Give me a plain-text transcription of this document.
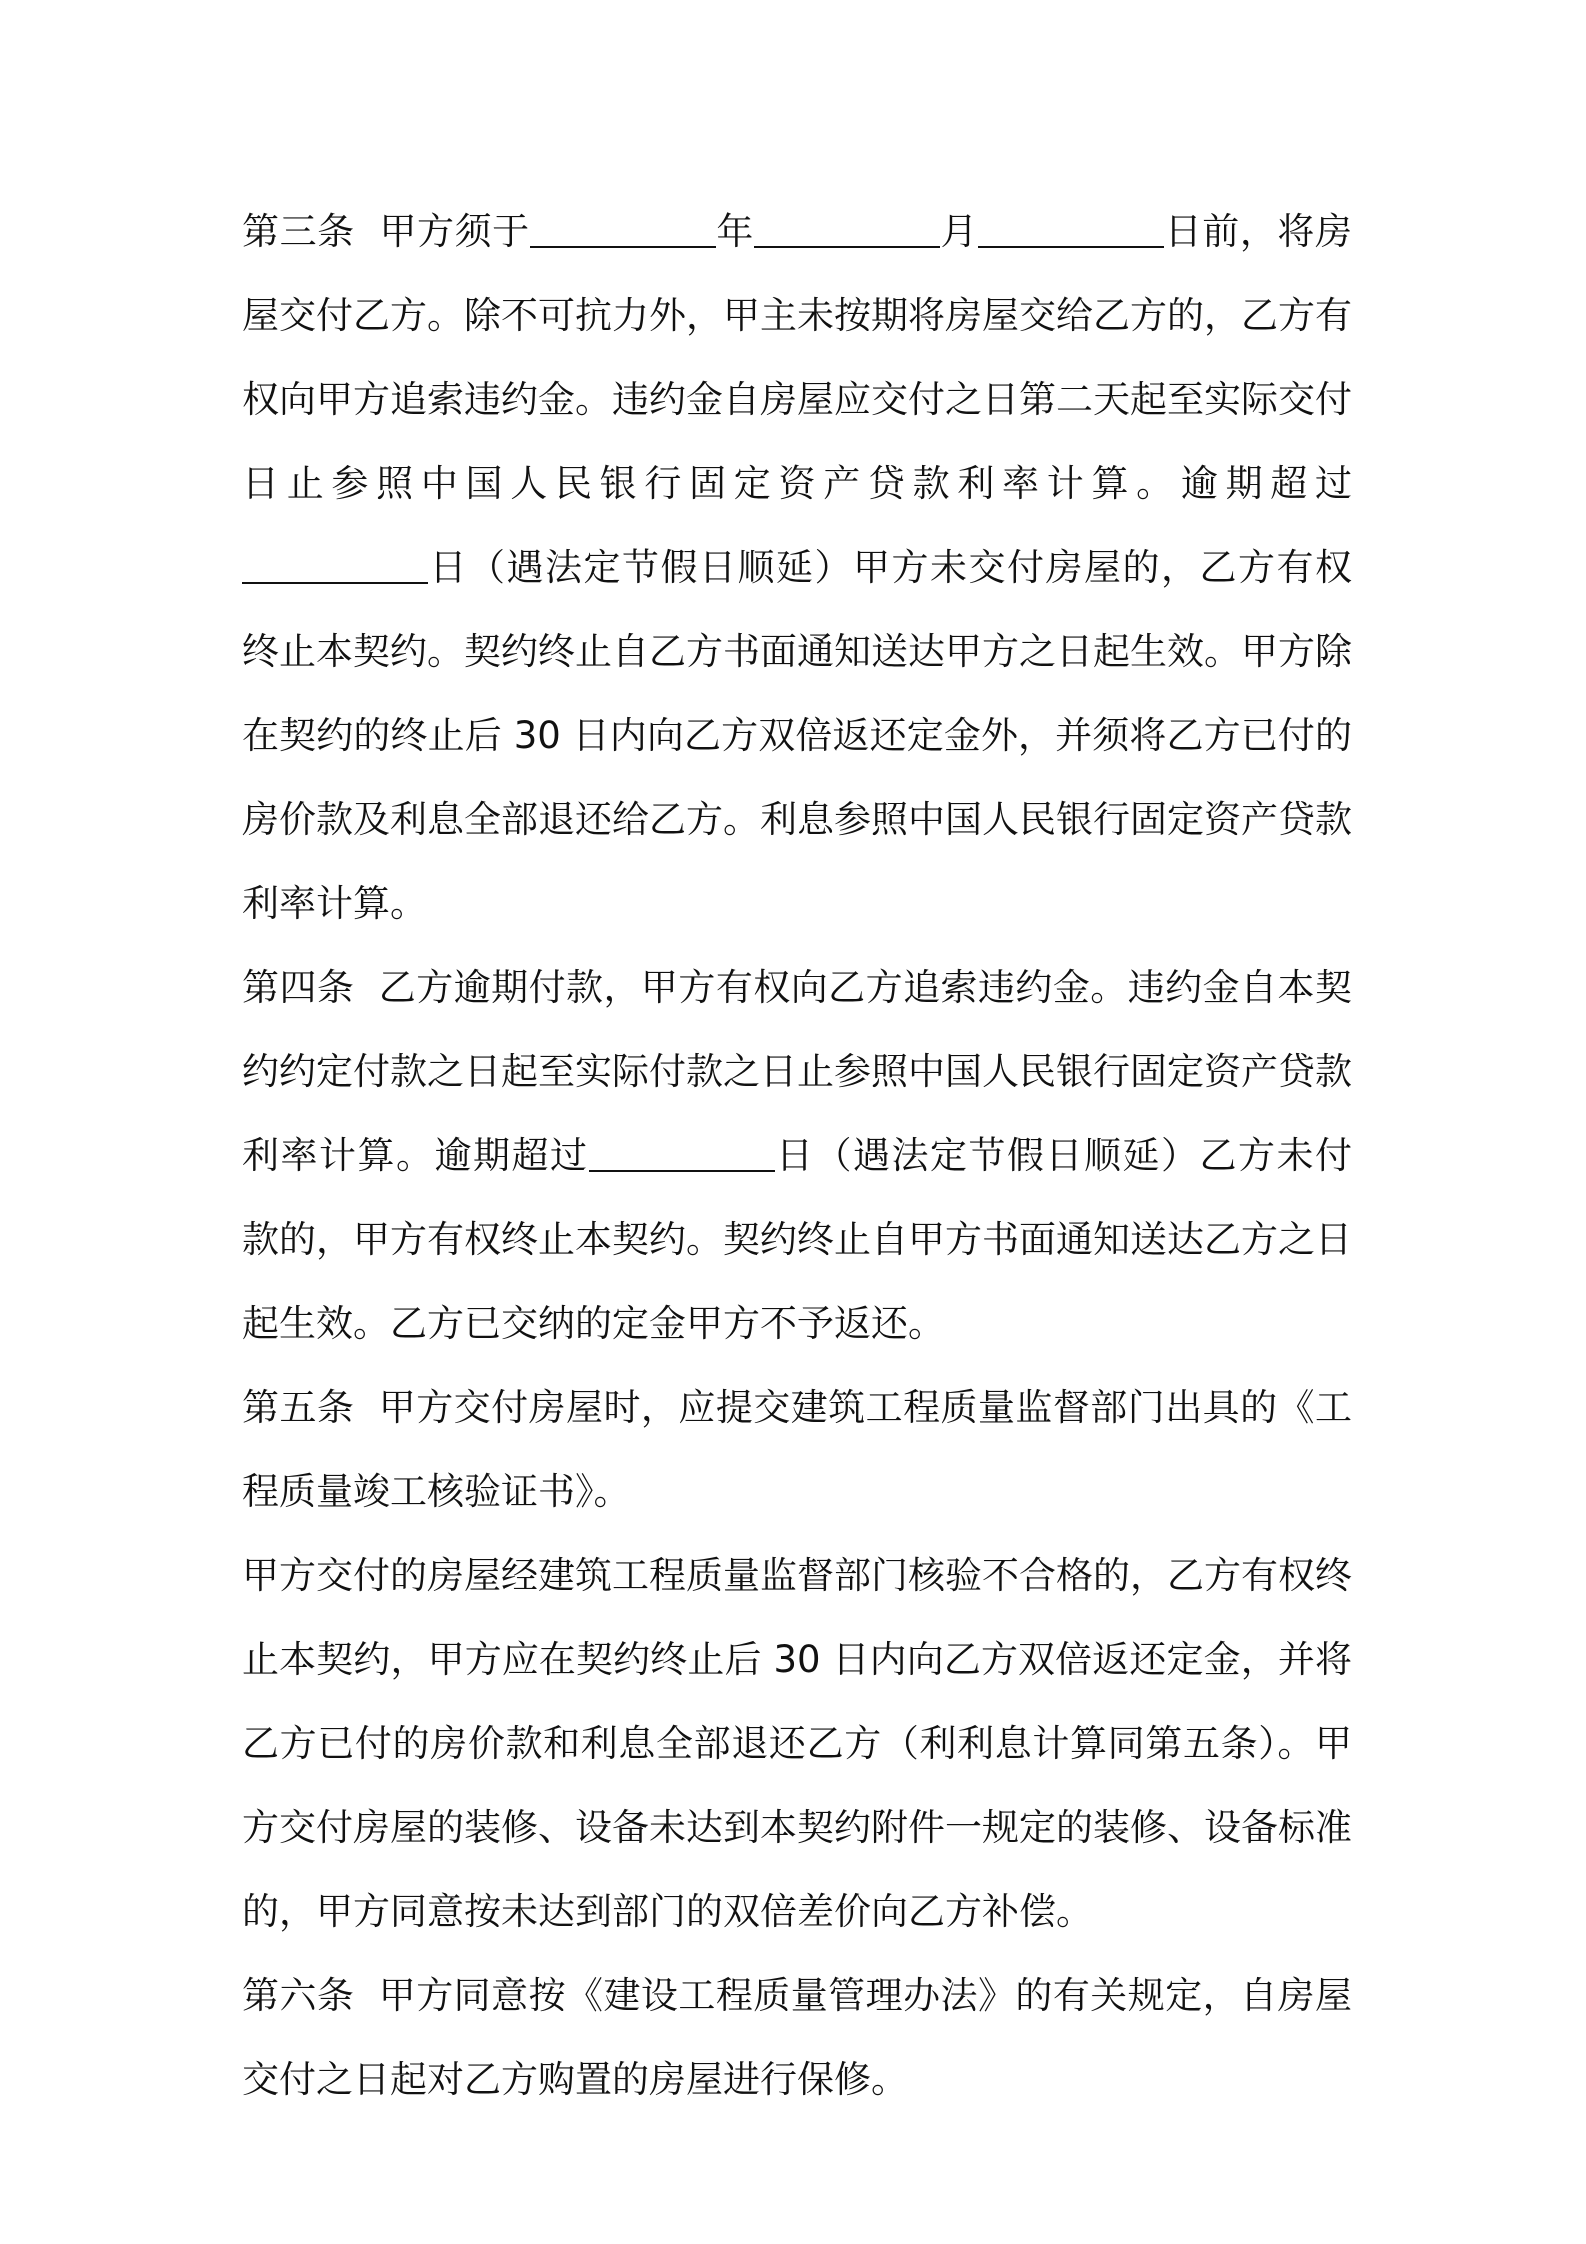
第三条 甲方须于	年	月	日前，将房屋交付乙方。除不可抗力外，甲主未按期将房屋交给乙方的，乙方有权向甲方追索违约金。违约金自房屋应交付之日第二天起至实际交付日止参照中国人民银行固定资产贷款利率计算。逾期超过日（遇法定节假日顺延）甲方未交付房屋的，乙方有权终止本契约。契约终止自乙方书面通知送达甲方之日起生效。甲方除在契约的终止后 30 日内向乙方双倍返还定金外，并须将乙方已付的房价款及利息全部退还给乙方。利息参照中国人民银行固定资产贷款利率计算。

第四条 乙方逾期付款，甲方有权向乙方追索违约金。违约金自本契约约定付款之日起至实际付款之日止参照中国人民银行固定资产贷款利率计算。逾期超过	日（遇法定节假日顺延）乙方未付款的，甲方有权终止本契约。契约终止自甲方书面通知送达乙方之日起生效。乙方已交纳的定金甲方不予返还。

第五条 甲方交付房屋时，应提交建筑工程质量监督部门出具的《工程质量竣工核验证书》。

甲方交付的房屋经建筑工程质量监督部门核验不合格的，乙方有权终止本契约，甲方应在契约终止后 30 日内向乙方双倍返还定金，并将乙方已付的房价款和利息全部退还乙方（利利息计算同第五条）。甲方交付房屋的装修、设备未达到本契约附件一规定的装修、设备标准的，甲方同意按未达到部门的双倍差价向乙方补偿。

第六条 甲方同意按《建设工程质量管理办法》的有关规定，自房屋交付之日起对乙方购置的房屋进行保修。
